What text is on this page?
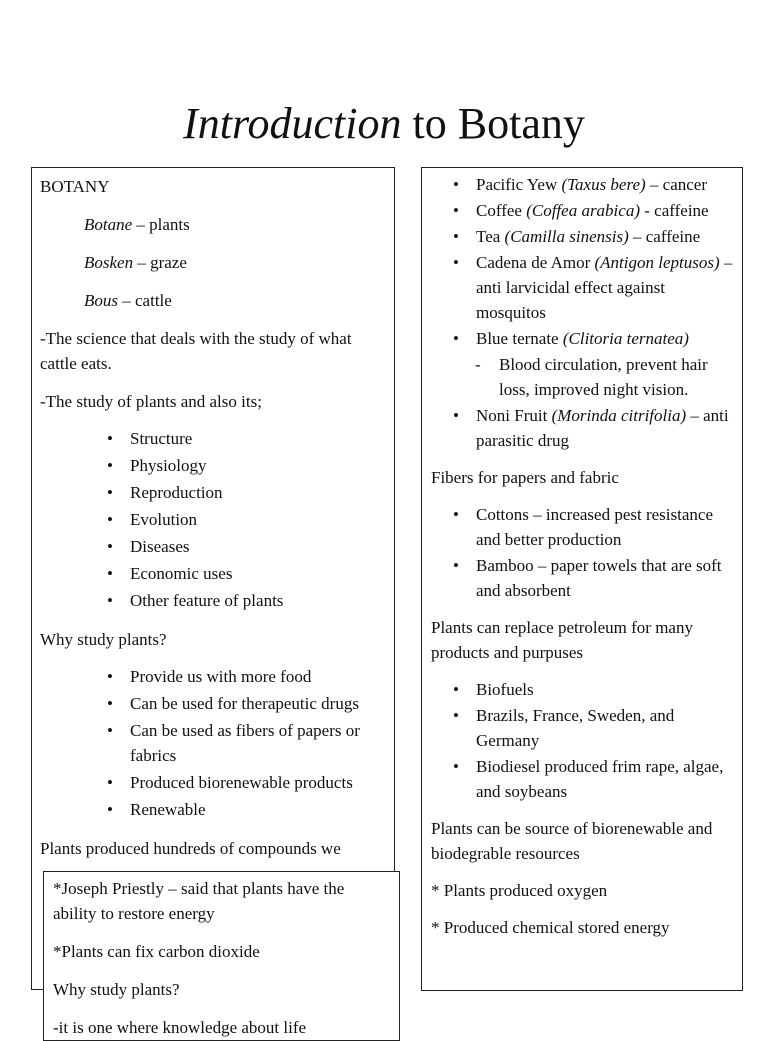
Introduction to Botany

BOTANY

Botane – plants

Bosken – graze

Bous – cattle

-The science that deals with the study of what cattle eats.

-The study of plants and also its;

• Structure
• Physiology
• Reproduction
• Evolution
• Diseases
• Economic uses
• Other feature of plants

Why study plants?

• Provide us with more food
• Can be used for therapeutic drugs
• Can be used as fibers of papers or fabrics
• Produced biorenewable products
• Renewable

Plants produced hundreds of compounds we

*Joseph Priestly – said that plants have the ability to restore energy

*Plants can fix carbon dioxide

Why study plants?

-it is one where knowledge about life

• Pacific Yew (Taxus bere) – cancer
• Coffee (Coffea arabica) - caffeine
• Tea (Camilla sinensis) – caffeine
• Cadena de Amor (Antigon leptusos) – anti larvicidal effect against mosquitos
• Blue ternate (Clitoria ternatea)
- Blood circulation, prevent hair loss, improved night vision.
• Noni Fruit (Morinda citrifolia) – anti parasitic drug

Fibers for papers and fabric

• Cottons – increased pest resistance and better production
• Bamboo – paper towels that are soft and absorbent

Plants can replace petroleum for many products and purpuses

• Biofuels
• Brazils, France, Sweden, and Germany
• Biodiesel produced frim rape, algae, and soybeans

Plants can be source of biorenewable and biodegrable resources

* Plants produced oxygen

* Produced chemical stored energy
